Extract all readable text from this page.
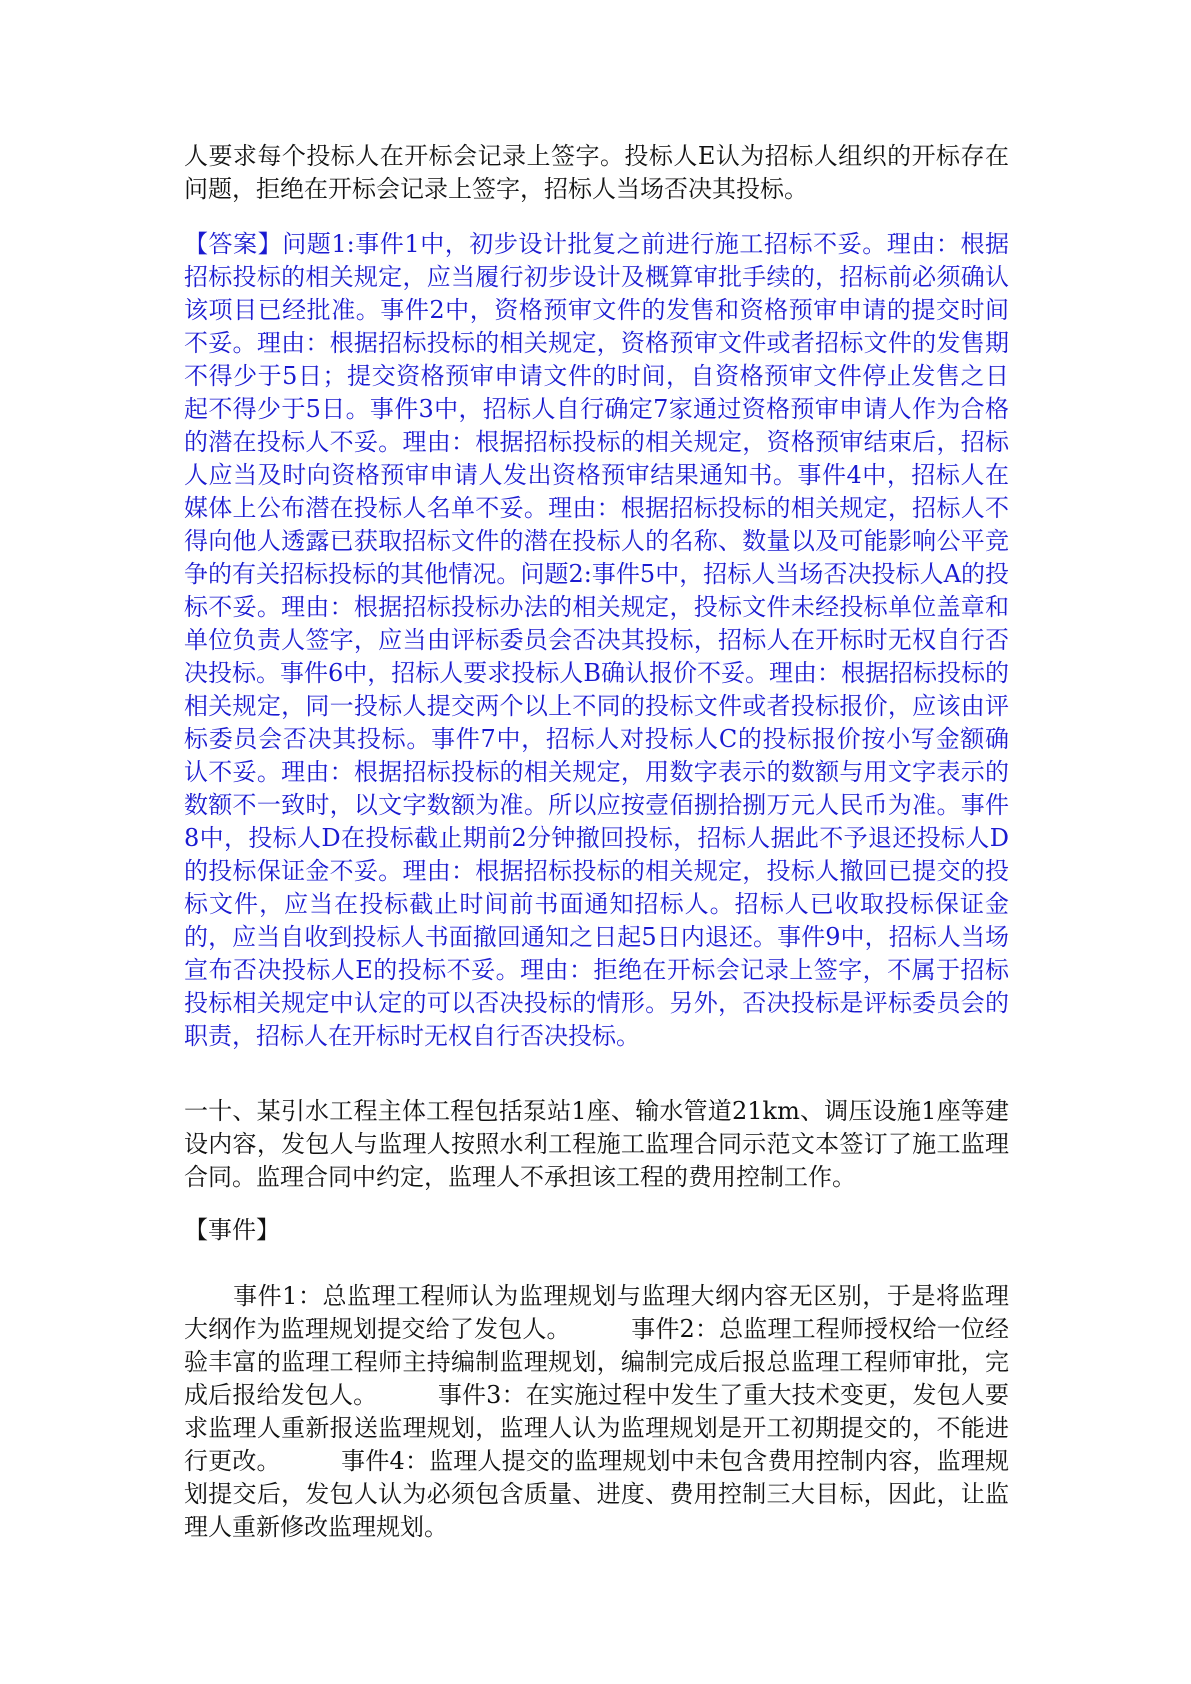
人要求每个投标人在开标会记录上签字。投标人E认为招标人组织的开标存在问题，拒绝在开标会记录上签字，招标人当场否决其投标。

【答案】问题1:事件1中，初步设计批复之前进行施工招标不妥。理由：根据招标投标的相关规定，应当履行初步设计及概算审批手续的，招标前必须确认该项目已经批准。事件2中，资格预审文件的发售和资格预审申请的提交时间不妥。理由：根据招标投标的相关规定，资格预审文件或者招标文件的发售期不得少于5日；提交资格预审申请文件的时间，自资格预审文件停止发售之日起不得少于5日。事件3中，招标人自行确定7家通过资格预审申请人作为合格的潜在投标人不妥。理由：根据招标投标的相关规定，资格预审结束后，招标人应当及时向资格预审申请人发出资格预审结果通知书。事件4中，招标人在媒体上公布潜在投标人名单不妥。理由：根据招标投标的相关规定，招标人不得向他人透露已获取招标文件的潜在投标人的名称、数量以及可能影响公平竞争的有关招标投标的其他情况。问题2:事件5中，招标人当场否决投标人A的投标不妥。理由：根据招标投标办法的相关规定，投标文件未经投标单位盖章和单位负责人签字，应当由评标委员会否决其投标，招标人在开标时无权自行否决投标。事件6中，招标人要求投标人B确认报价不妥。理由：根据招标投标的相关规定，同一投标人提交两个以上不同的投标文件或者投标报价，应该由评标委员会否决其投标。事件7中，招标人对投标人C的投标报价按小写金额确认不妥。理由：根据招标投标的相关规定，用数字表示的数额与用文字表示的数额不一致时，以文字数额为准。所以应按壹佰捌拾捌万元人民币为准。事件8中，投标人D在投标截止期前2分钟撤回投标，招标人据此不予退还投标人D的投标保证金不妥。理由：根据招标投标的相关规定，投标人撤回已提交的投标文件，应当在投标截止时间前书面通知招标人。招标人已收取投标保证金的，应当自收到投标人书面撤回通知之日起5日内退还。事件9中，招标人当场宣布否决投标人E的投标不妥。理由：拒绝在开标会记录上签字，不属于招标投标相关规定中认定的可以否决投标的情形。另外，否决投标是评标委员会的职责，招标人在开标时无权自行否决投标。

一十、某引水工程主体工程包括泵站1座、输水管道21km、调压设施1座等建设内容，发包人与监理人按照水利工程施工监理合同示范文本签订了施工监理合同。监理合同中约定，监理人不承担该工程的费用控制工作。

【事件】

　　事件1：总监理工程师认为监理规划与监理大纲内容无区别，于是将监理大纲作为监理规划提交给了发包人。　　　事件2：总监理工程师授权给一位经验丰富的监理工程师主持编制监理规划，编制完成后报总监理工程师审批，完成后报给发包人。　　　事件3：在实施过程中发生了重大技术变更，发包人要求监理人重新报送监理规划，监理人认为监理规划是开工初期提交的，不能进行更改。　　　事件4：监理人提交的监理规划中未包含费用控制内容，监理规划提交后，发包人认为必须包含质量、进度、费用控制三大目标，因此，让监理人重新修改监理规划。
